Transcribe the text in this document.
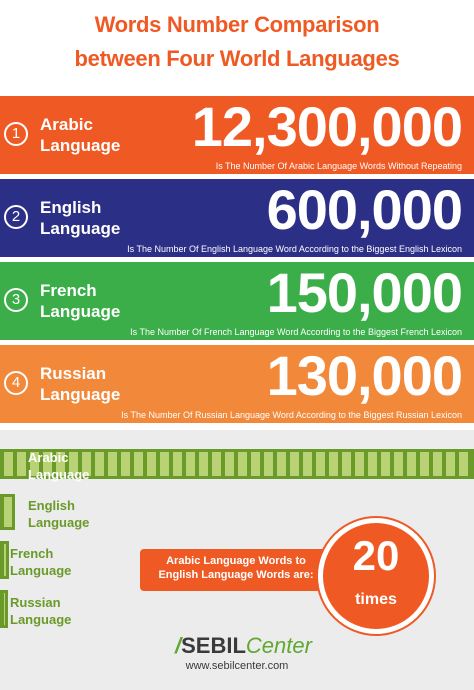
Words Number Comparison
between Four World Languages
1	Arabic
Language 12,300,000
Is The Number Of Arabic Language Words Without Repeating
2	English
Language	600,000
Is The Number Of English Language Word According to the Biggest English Lexicon
3	French
Language	150,000
Is The Number Of French Language Word According to the Biggest French Lexicon
4	Russian
Language	130,000
Is The Number Of Russian Language Word According to the Biggest Russian Lexicon
Arabic
Language
English
Language
French
Language
Russian
Language
Arabic Language Words to
English Language Words are: 20
times
/SEBILCenter
www.sebilcenter.com
